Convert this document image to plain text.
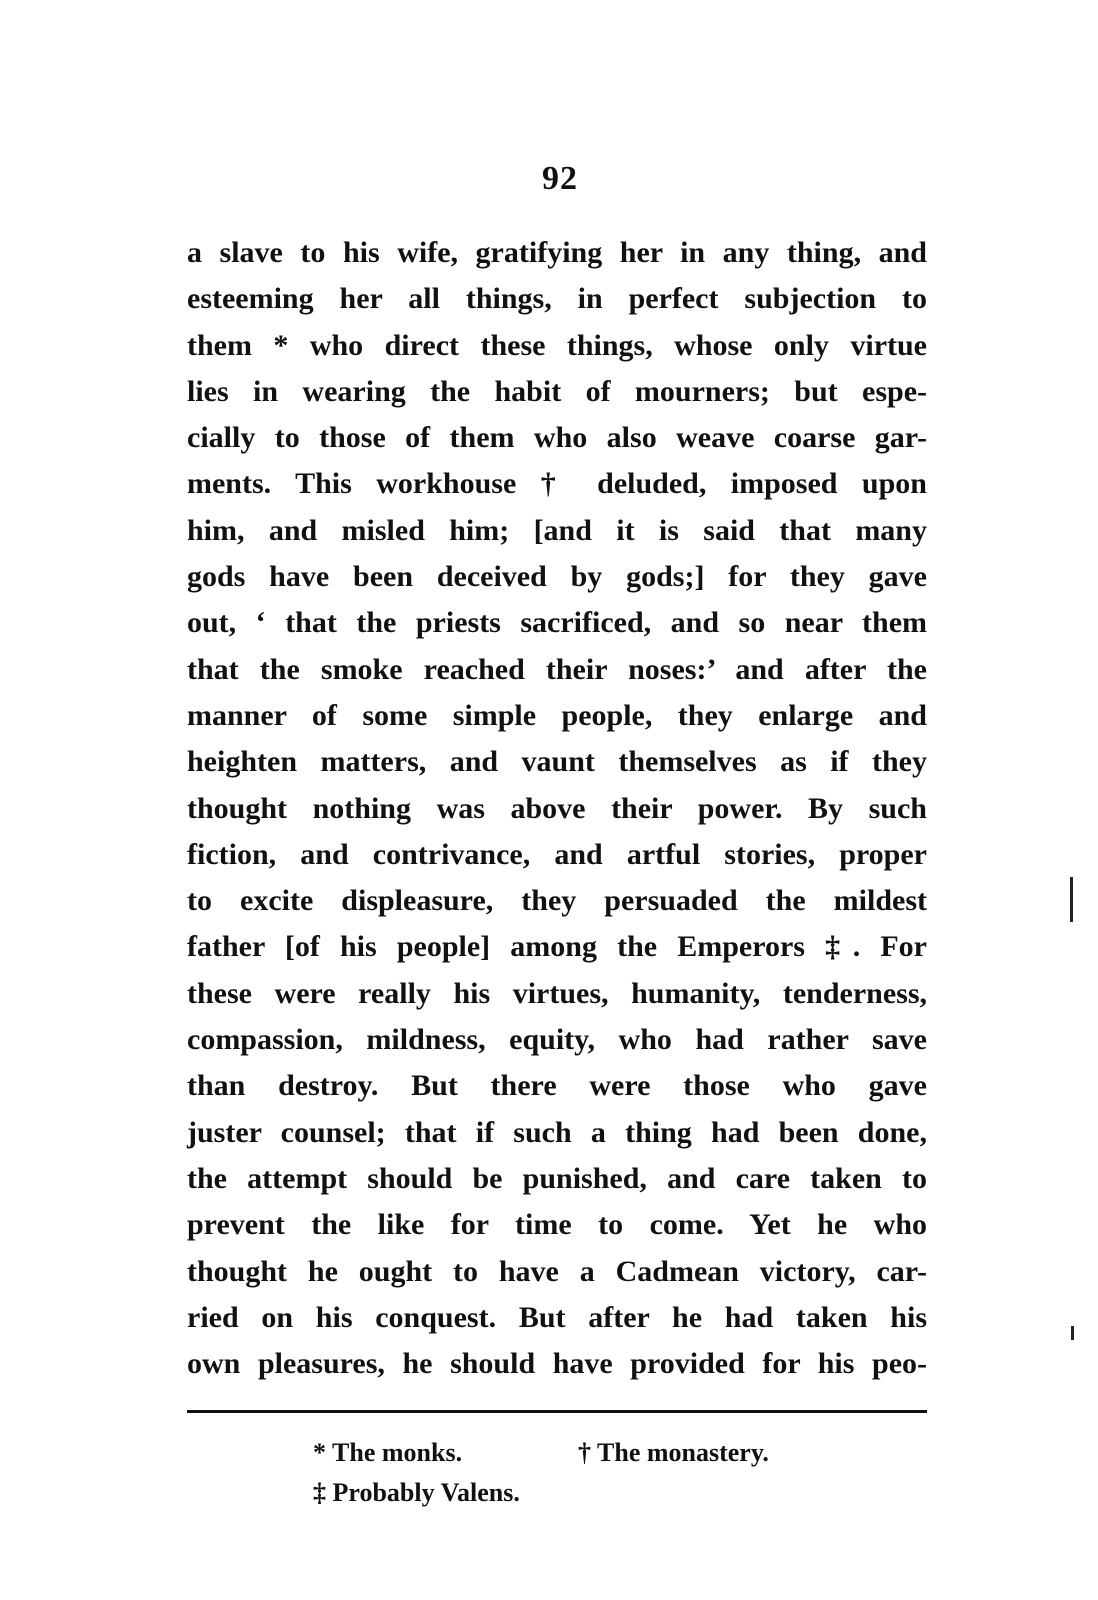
92
a slave to his wife, gratifying her in any thing, and
esteeming her all things, in perfect subjection to
them * who direct these things, whose only virtue
lies in wearing the habit of mourners; but espe-
cially to those of them who also weave coarse gar-
ments. This workhouse † deluded, imposed upon
him, and misled him; [and it is said that many
gods have been deceived by gods;] for they gave
out, ‘ that the priests sacrificed, and so near them
that the smoke reached their noses:’ and after the
manner of some simple people, they enlarge and
heighten matters, and vaunt themselves as if they
thought nothing was above their power. By such
fiction, and contrivance, and artful stories, proper
to excite displeasure, they persuaded the mildest
father [of his people] among the Emperors ‡. For
these were really his virtues, humanity, tenderness,
compassion, mildness, equity, who had rather save
than destroy. But there were those who gave
juster counsel; that if such a thing had been done,
the attempt should be punished, and care taken to
prevent the like for time to come. Yet he who
thought he ought to have a Cadmean victory, car-
ried on his conquest. But after he had taken his
own pleasures, he should have provided for his peo-
* The monks.	† The monastery.
‡ Probably Valens.
